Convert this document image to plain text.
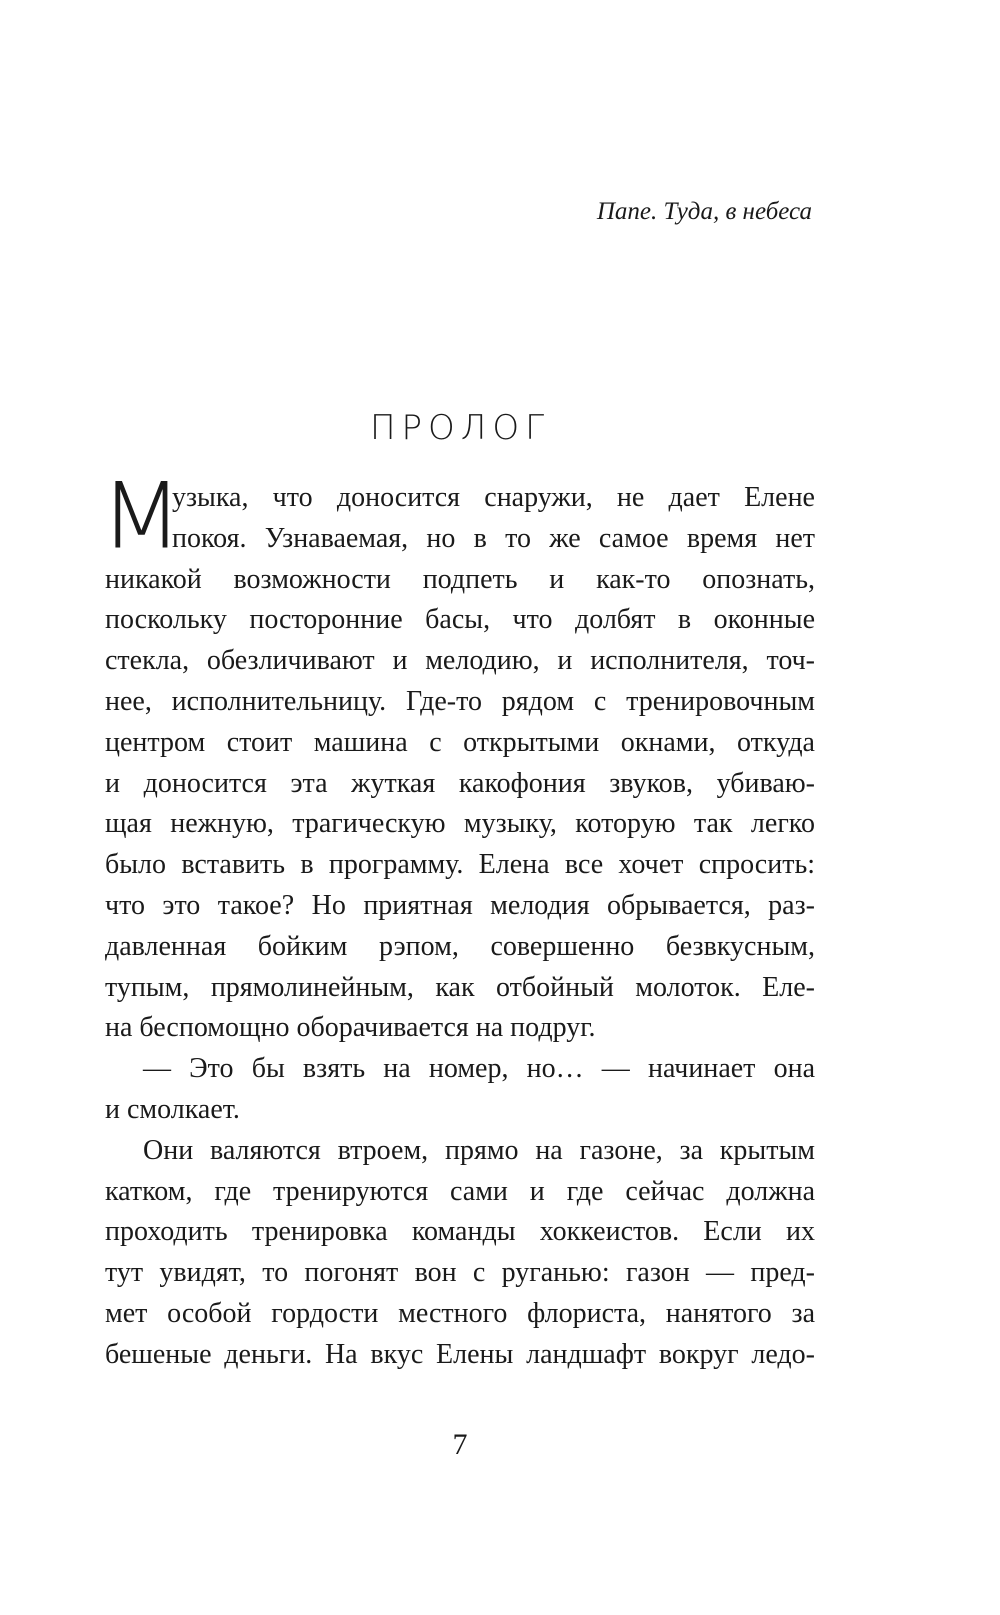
Папе. Туда, в небеса
ПРОЛОГ
М
узыка, что доносится снаружи, не дает Елене
покоя. Узнаваемая, но в то же самое время нет
никакой возможности подпеть и как-то опознать,
поскольку посторонние басы, что долбят в оконные
стекла, обезличивают и мелодию, и исполнителя, точ-
нее, исполнительницу. Где-то рядом с тренировочным
центром стоит машина с открытыми окнами, откуда
и доносится эта жуткая какофония звуков, убиваю-
щая нежную, трагическую музыку, которую так легко
было вставить в программу. Елена все хочет спросить:
что это такое? Но приятная мелодия обрывается, раз-
давленная бойким рэпом, совершенно безвкусным,
тупым, прямолинейным, как отбойный молоток. Еле-
на беспомощно оборачивается на подруг.
— Это бы взять на номер, но… — начинает она
и смолкает.
Они валяются втроем, прямо на газоне, за крытым
катком, где тренируются сами и где сейчас должна
проходить тренировка команды хоккеистов. Если их
тут увидят, то погонят вон с руганью: газон — пред-
мет особой гордости местного флориста, нанятого за
бешеные деньги. На вкус Елены ландшафт вокруг ледо-
7
